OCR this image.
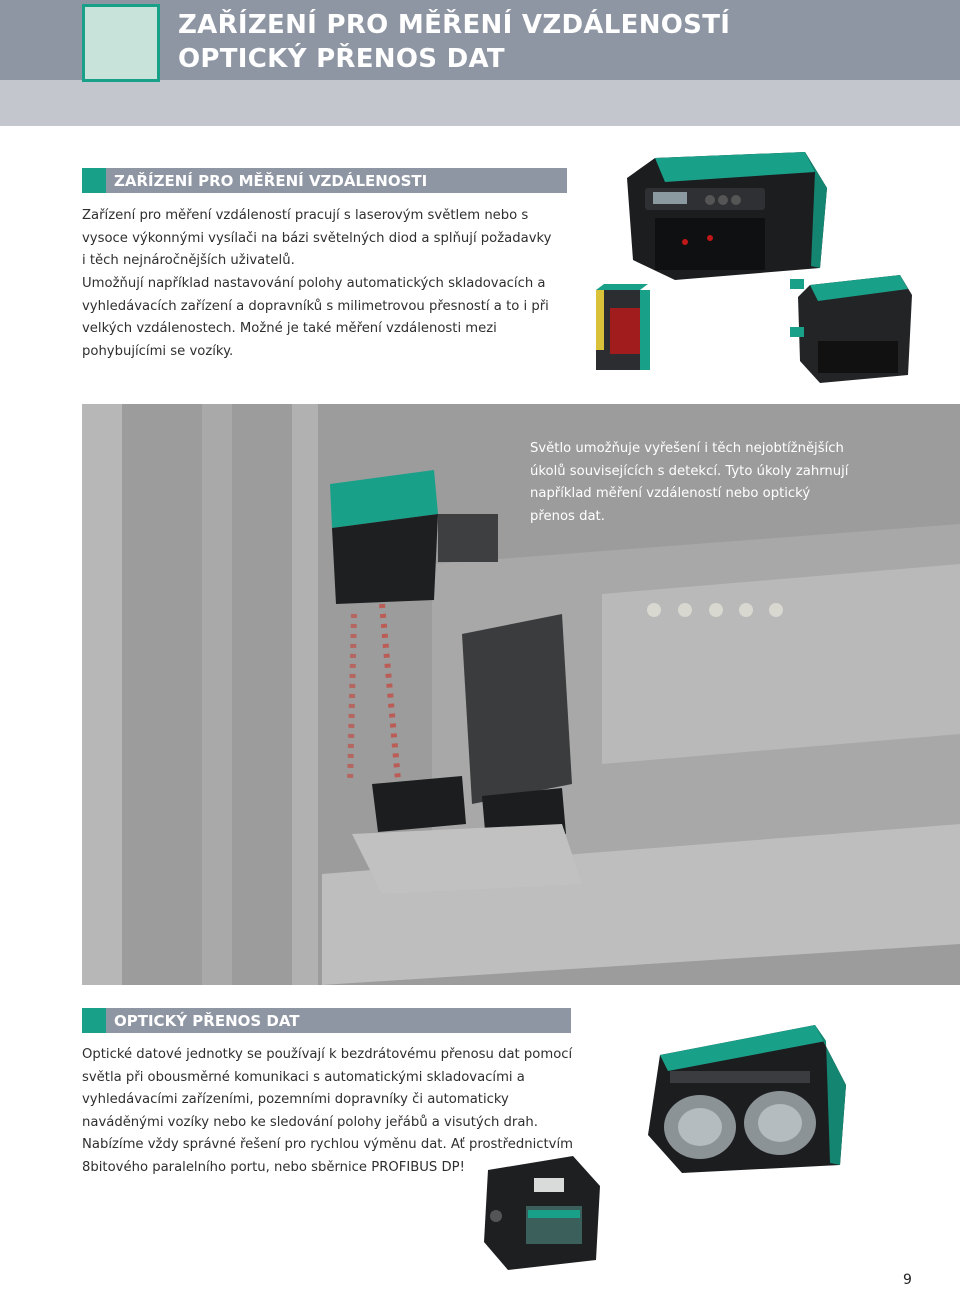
ZAŘÍZENÍ PRO MĚŘENÍ VZDÁLENOSTÍ
OPTICKÝ PŘENOS DAT
ZAŘÍZENÍ PRO MĚŘENÍ VZDÁLENOSTI

Zařízení pro měření vzdáleností pracují s laserovým světlem nebo s vysoce výkonnými vysílači na bázi světelných diod a splňují požadavky i těch nejnáročnějších uživatelů.

Umožňují například nastavování polohy automatických skladovacích a vyhledávacích zařízení a dopravníků s milimetrovou přesností a to i při velkých vzdálenostech. Možné je také měření vzdálenosti mezi pohybujícími se vozíky.

Světlo umožňuje vyřešení i těch nejobtížnějších úkolů souvisejících s detekcí. Tyto úkoly zahrnují například měření vzdáleností nebo optický přenos dat.

OPTICKÝ PŘENOS DAT

Optické datové jednotky se používají k bezdrátovému přenosu dat pomocí světla při obousměrné komunikaci s automatickými skladovacími a vyhledávacími zařízeními, pozemními dopravníky či automaticky naváděnými vozíky nebo ke sledování polohy jeřábů a visutých drah. Nabízíme vždy správné řešení pro rychlou výměnu dat. Ať prostřednictvím 8bitového paralelního portu, nebo sběrnice PROFIBUS DP!

9
